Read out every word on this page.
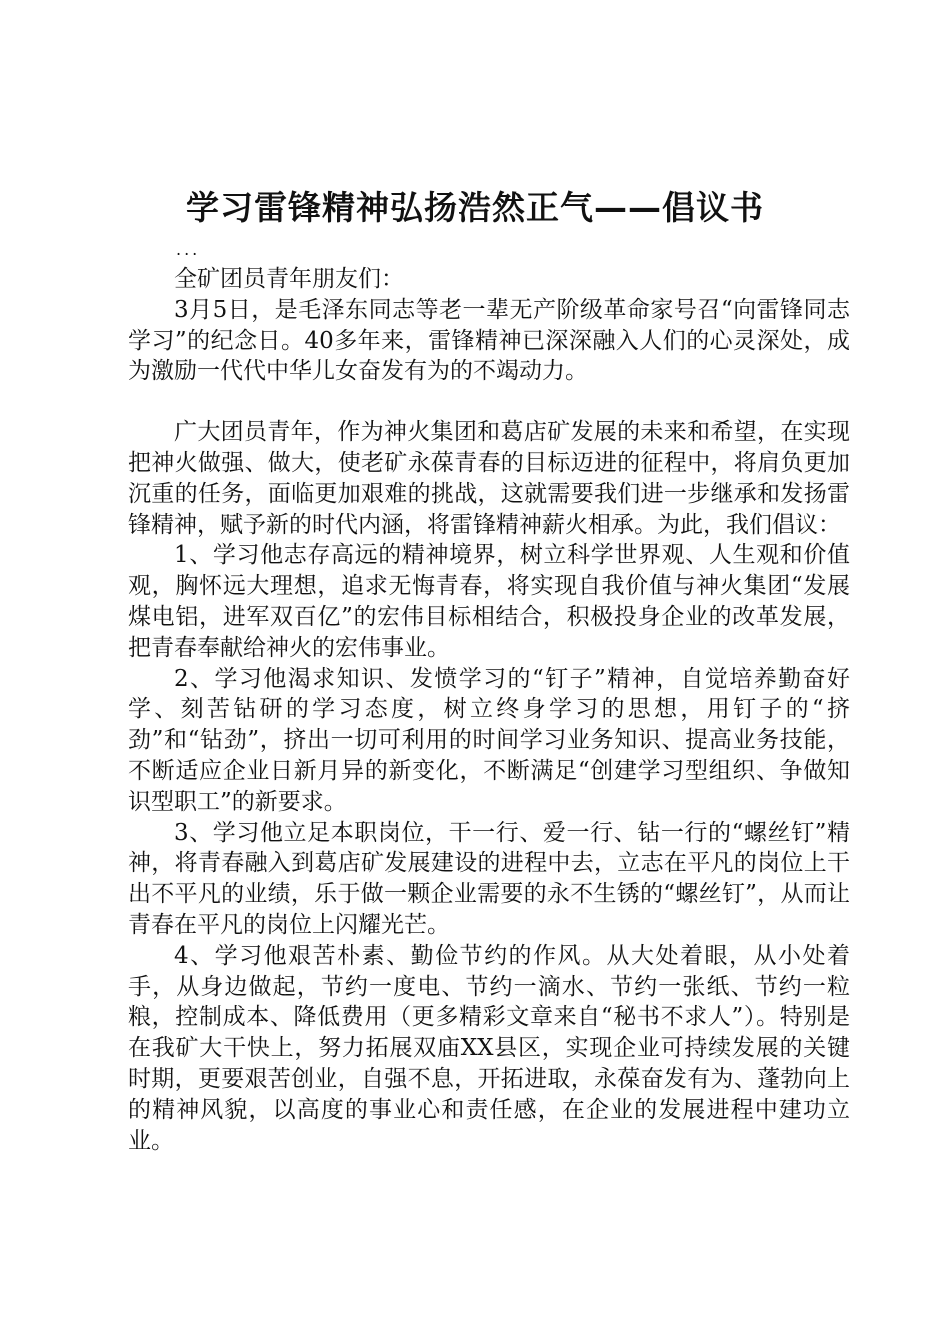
学习雷锋精神弘扬浩然正气——倡议书
...

全矿团员青年朋友们：

3月5日，是毛泽东同志等老一辈无产阶级革命家号召“向雷锋同志学习”的纪念日。40多年来，雷锋精神已深深融入人们的心灵深处，成为激励一代代中华儿女奋发有为的不竭动力。

广大团员青年，作为神火集团和葛店矿发展的未来和希望，在实现把神火做强、做大，使老矿永葆青春的目标迈进的征程中，将肩负更加沉重的任务，面临更加艰难的挑战，这就需要我们进一步继承和发扬雷锋精神，赋予新的时代内涵，将雷锋精神薪火相承。为此，我们倡议：

1、学习他志存高远的精神境界，树立科学世界观、人生观和价值观，胸怀远大理想，追求无悔青春，将实现自我价值与神火集团“发展煤电铝，进军双百亿”的宏伟目标相结合，积极投身企业的改革发展，把青春奉献给神火的宏伟事业。

2、学习他渴求知识、发愤学习的“钉子”精神，自觉培养勤奋好学、刻苦钻研的学习态度，树立终身学习的思想，用钉子的“挤劲”和“钻劲”，挤出一切可利用的时间学习业务知识、提高业务技能，不断适应企业日新月异的新变化，不断满足“创建学习型组织、争做知识型职工”的新要求。

3、学习他立足本职岗位，干一行、爱一行、钻一行的“螺丝钉”精神，将青春融入到葛店矿发展建设的进程中去，立志在平凡的岗位上干出不平凡的业绩，乐于做一颗企业需要的永不生锈的“螺丝钉”，从而让青春在平凡的岗位上闪耀光芒。

4、学习他艰苦朴素、勤俭节约的作风。从大处着眼，从小处着手，从身边做起，节约一度电、节约一滴水、节约一张纸、节约一粒粮，控制成本、降低费用（更多精彩文章来自“秘书不求人”）。特别是在我矿大干快上，努力拓展双庙XX县区，实现企业可持续发展的关键时期，更要艰苦创业，自强不息，开拓进取，永葆奋发有为、蓬勃向上的精神风貌，以高度的事业心和责任感，在企业的发展进程中建功立业。
